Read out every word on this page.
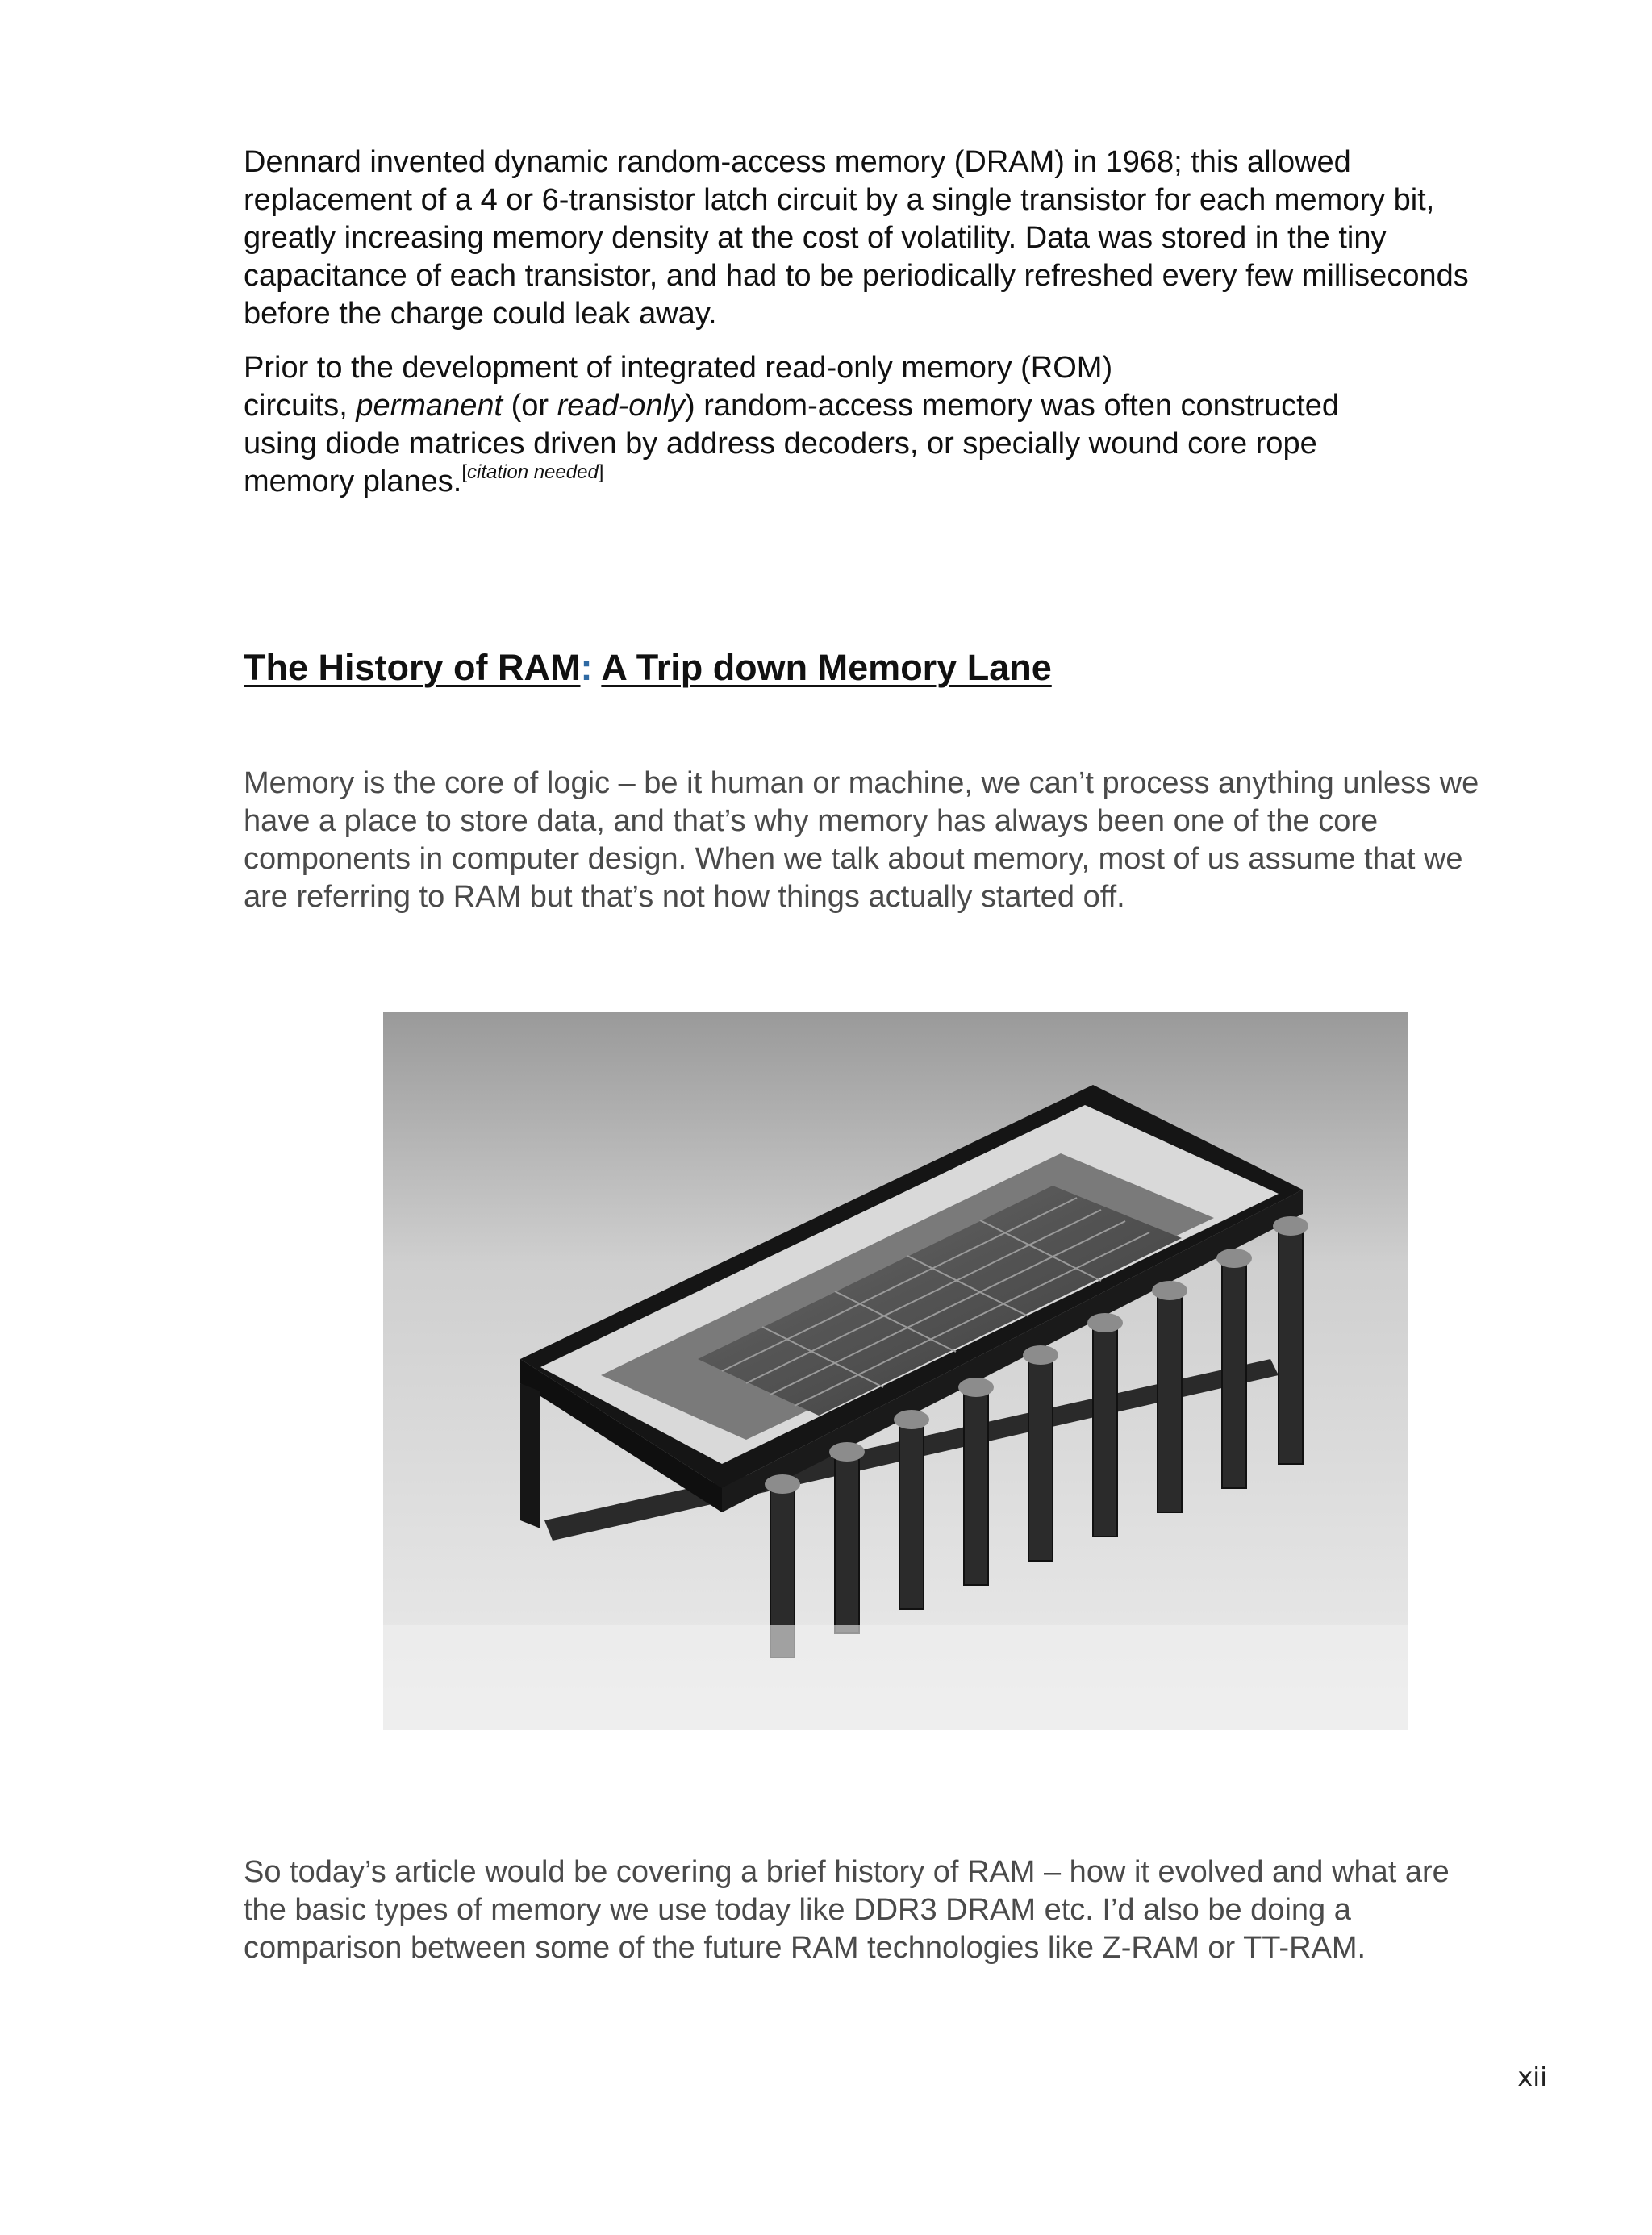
Dennard invented dynamic random-access memory (DRAM) in 1968; this allowed
replacement of a 4 or 6-transistor latch circuit by a single transistor for each memory bit,
greatly increasing memory density at the cost of volatility. Data was stored in the tiny
capacitance of each transistor, and had to be periodically refreshed every few milliseconds
before the charge could leak away.
Prior to the development of integrated read-only memory (ROM)
circuits, permanent (or read-only) random-access memory was often constructed
using diode matrices driven by address decoders, or specially wound core rope
memory planes.[citation needed]
The History of RAM: A Trip down Memory Lane
Memory is the core of logic – be it human or machine, we can’t process anything unless we
have a place to store data, and that’s why memory has always been one of the core
components in computer design. When we talk about memory, most of us assume that we
are referring to RAM but that’s not how things actually started off.
So today’s article would be covering a brief history of RAM – how it evolved and what are
the basic types of memory we use today like DDR3 DRAM etc. I’d also be doing a
comparison between some of the future RAM technologies like Z-RAM or TT-RAM.
xii
